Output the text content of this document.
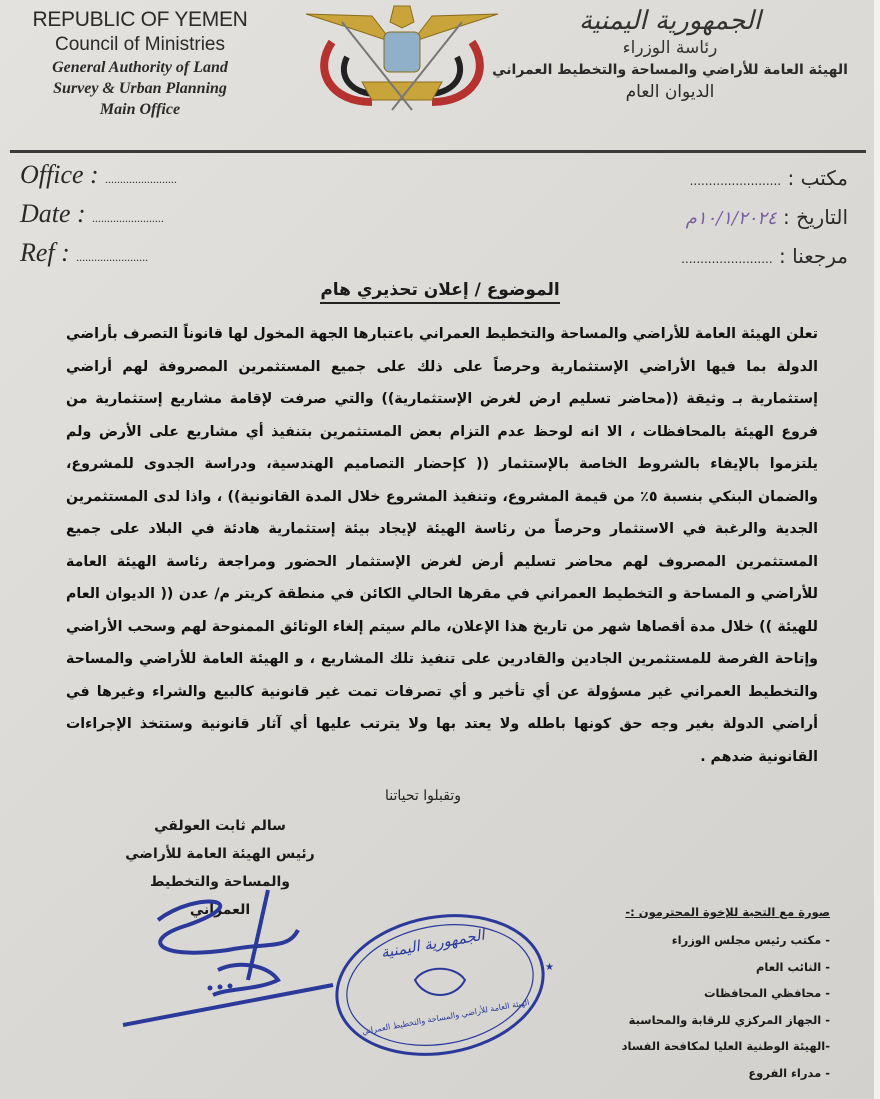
REPUBLIC OF YEMEN
Council of Ministries
General Authority of Land
Survey & Urban Planning
Main Office
الجمهورية اليمنية
رئاسة الوزراء
الهيئة العامة للأراضي والمساحة والتخطيط العمراني
الديوان العام
Office : ........................
Date : ........................
Ref : ........................
مكتب : ........................
التاريخ : ١٠/١/٢٠٢٤م
مرجعنا : ........................
الموضوع / إعلان تحذيري هام
تعلن الهيئة العامة للأراضي والمساحة والتخطيط العمراني باعتبارها الجهة المخول لها قانوناً التصرف بأراضي الدولة بما فيها الأراضي الإستثمارية وحرصاً على ذلك على جميع المستثمرين المصروفة لهم أراضي إستثمارية بـ وثيقة ((محاضر تسليم ارض لغرض الإستثمارية)) والتي صرفت لإقامة مشاريع إستثمارية من فروع الهيئة بالمحافظات ، الا انه لوحظ عدم التزام بعض المستثمرين بتنفيذ أي مشاريع على الأرض ولم يلتزموا بالإيفاء بالشروط الخاصة بالإستثمار (( كإحضار التصاميم الهندسية، ودراسة الجدوى للمشروع، والضمان البنكي بنسبة ٥٪ من قيمة المشروع، وتنفيذ المشروع خلال المدة القانونية)) ، واذا لدى المستثمرين الجدية والرغبة في الاستثمار وحرصاً من رئاسة الهيئة لإيجاد بيئة إستثمارية هادئة في البلاد على جميع المستثمرين المصروف لهم محاضر تسليم أرض لغرض الإستثمار الحضور ومراجعة رئاسة الهيئة العامة للأراضي و المساحة و التخطيط العمراني في مقرها الحالي الكائن في منطقة كريتر م/ عدن (( الديوان العام للهيئة )) خلال مدة أقصاها شهر من تاريخ هذا الإعلان، مالم سيتم إلغاء الوثائق الممنوحة لهم وسحب الأراضي وإتاحة الفرصة للمستثمرين الجادين والقادرين على تنفيذ تلك المشاريع ، و الهيئة العامة للأراضي والمساحة والتخطيط العمراني غير مسؤولة عن أي تأخير و أي تصرفات تمت غير قانونية كالبيع والشراء وغيرها في أراضي الدولة بغير وجه حق كونها باطله ولا يعتد بها ولا يترتب عليها أي آثار قانونية وستتخذ الإجراءات القانونية ضدهم .
وتقبلوا تحياتنا
سالم ثابت العولقي
رئيس الهيئة العامة للأراضي
والمساحة والتخطيط العمراني
الجمهورية اليمنية
الهيئة العامة للأراضي والمساحة والتخطيط العمراني
★
صورة مع التحية للإخوة المحترمون :-
- مكتب رئيس مجلس الوزراء
- النائب العام
- محافظي المحافظات
- الجهاز المركزي للرقابة والمحاسبة
-الهيئة الوطنية العليا لمكافحة الفساد
- مدراء الفروع
